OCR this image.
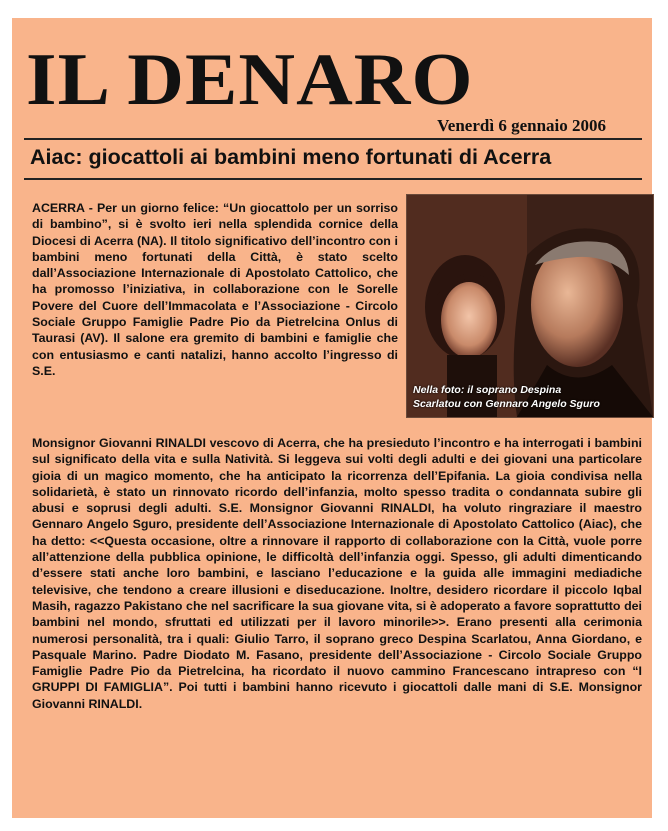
IL DENARO
Venerdì 6 gennaio 2006
Aiac: giocattoli ai bambini meno fortunati di Acerra
Nella foto: il soprano Despina
Scarlatou con Gennaro Angelo Sguro

ACERRA - Per un giorno felice: “Un giocattolo per un sorriso di bambino”, si è svolto ieri nella splendida cornice della Diocesi di Acerra (NA). Il titolo significativo dell’incontro con i bambini meno fortunati della Città, è stato scelto dall’Associazione Internazionale di Apostolato Cattolico, che ha promosso l’iniziativa, in collaborazione con le Sorelle Povere del Cuore dell’Immacolata e l’Associazione - Circolo Sociale Gruppo Famiglie Padre Pio da Pietrelcina Onlus di Taurasi (AV). Il salone era gremito di bambini e famiglie che con entusiasmo e canti natalizi, hanno accolto l’ingresso di S.E.

Monsignor Giovanni RINALDI vescovo di Acerra, che ha presieduto l’incontro e ha interrogati i bambini sul significato della vita e sulla Natività. Si leggeva sui volti degli adulti e dei giovani una particolare gioia di un magico momento, che ha anticipato la ricorrenza dell’Epifania. La gioia condivisa nella solidarietà, è stato un rinnovato ricordo dell’infanzia, molto spesso tradita o condannata subire gli abusi e soprusi degli adulti. S.E. Monsignor Giovanni RINALDI, ha voluto ringraziare il maestro Gennaro Angelo Sguro, presidente dell’Associazione Internazionale di Apostolato Cattolico (Aiac), che ha detto: <<Questa occasione, oltre a rinnovare il rapporto di collaborazione con la Città, vuole porre all’attenzione della pubblica opinione, le difficoltà dell’infanzia oggi. Spesso, gli adulti dimenticando d’essere stati anche loro bambini, e lasciano l’educazione e la guida alle immagini mediadiche televisive, che tendono a creare illusioni e diseducazione. Inoltre, desidero ricordare il piccolo Iqbal Masih, ragazzo Pakistano che nel sacrificare la sua giovane vita, si è adoperato a favore soprattutto dei bambini nel mondo, sfruttati ed utilizzati per il lavoro minorile>>. Erano presenti alla cerimonia numerosi personalità, tra i quali: Giulio Tarro, il soprano greco Despina Scarlatou, Anna Giordano, e Pasquale Marino. Padre Diodato M. Fasano, presidente dell’Associazione - Circolo Sociale Gruppo Famiglie Padre Pio da Pietrelcina, ha ricordato il nuovo cammino Francescano intrapreso con “I GRUPPI DI FAMIGLIA”. Poi tutti i bambini hanno ricevuto i giocattoli dalle mani di S.E. Monsignor Giovanni RINALDI.
